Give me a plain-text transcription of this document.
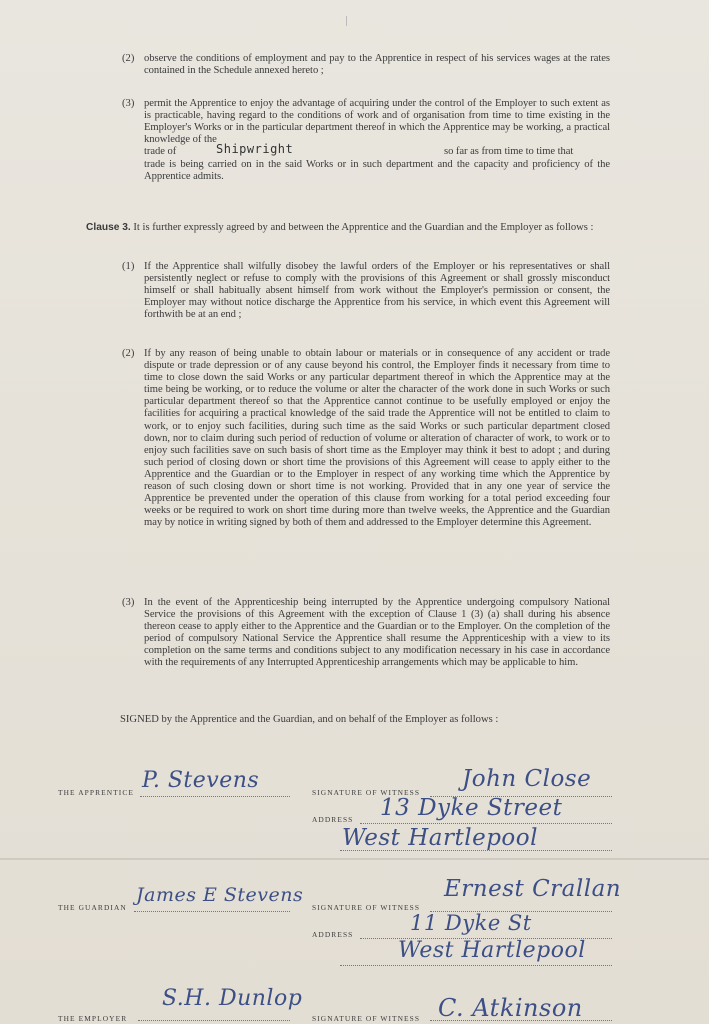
(2) observe the conditions of employment and pay to the Apprentice in respect of his services wages at the rates contained in the Schedule annexed hereto ;
(3) permit the Apprentice to enjoy the advantage of acquiring under the control of the Employer to such extent as is practicable, having regard to the conditions of work and of organisation from time to time existing in the Employer's Works or in the particular department thereof in which the Apprentice may be working, a practical knowledge of the
trade of	Shipwright	so far as from time to time that
trade is being carried on in the said Works or in such department and the capacity and proficiency of the Apprentice admits.
Clause 3. It is further expressly agreed by and between the Apprentice and the Guardian and the Employer as follows :
(1) If the Apprentice shall wilfully disobey the lawful orders of the Employer or his representatives or shall persistently neglect or refuse to comply with the provisions of this Agreement or shall grossly misconduct himself or shall habitually absent himself from work without the Employer's permission or consent, the Employer may without notice discharge the Apprentice from his service, in which event this Agreement will forthwith be at an end ;
(2) If by any reason of being unable to obtain labour or materials or in consequence of any accident or trade dispute or trade depression or of any cause beyond his control, the Employer finds it necessary from time to time to close down the said Works or any particular department thereof in which the Apprentice may at the time being be working, or to reduce the volume or alter the character of the work done in such Works or such particular department thereof so that the Apprentice cannot continue to be usefully employed or enjoy the facilities for acquiring a practical knowledge of the said trade the Apprentice will not be entitled to claim to work, or to enjoy such facilities, during such time as the said Works or such particular department closed down, nor to claim during such period of reduction of volume or alteration of character of work, to work or to enjoy such facilities save on such basis of short time as the Employer may think it best to adopt ; and during such period of closing down or short time the provisions of this Agreement will cease to apply either to the Apprentice and the Guardian or to the Employer in respect of any working time which the Apprentice by reason of such closing down or short time is not working. Provided that in any one year of service the Apprentice be prevented under the operation of this clause from working for a total period exceeding four weeks or be required to work on short time during more than twelve weeks, the Apprentice and the Guardian may by notice in writing signed by both of them and addressed to the Employer determine this Agreement.
(3) In the event of the Apprenticeship being interrupted by the Apprentice undergoing compulsory National Service the provisions of this Agreement with the exception of Clause 1 (3) (a) shall during his absence thereon cease to apply either to the Apprentice and the Guardian or to the Employer. On the completion of the period of compulsory National Service the Apprentice shall resume the Apprenticeship with a view to its completion on the same terms and conditions subject to any modification necessary in his case in accordance with the requirements of any Interrupted Apprenticeship arrangements which may be applicable to him.
SIGNED by the Apprentice and the Guardian, and on behalf of the Employer as follows :
THE APPRENTICE P. Stevens	SIGNATURE OF WITNESS
John Close
ADDRESS 13 Dyke Street
West Hartlepool
THE GUARDIAN
James E Stevens
SIGNATURE OF WITNESS
Ernest Crallan
ADDRESS	11 Dyke St
West Hartlepool
THE EMPLOYER
S.H. Dunlop
SIGNATURE OF WITNESS C. Atkinson
